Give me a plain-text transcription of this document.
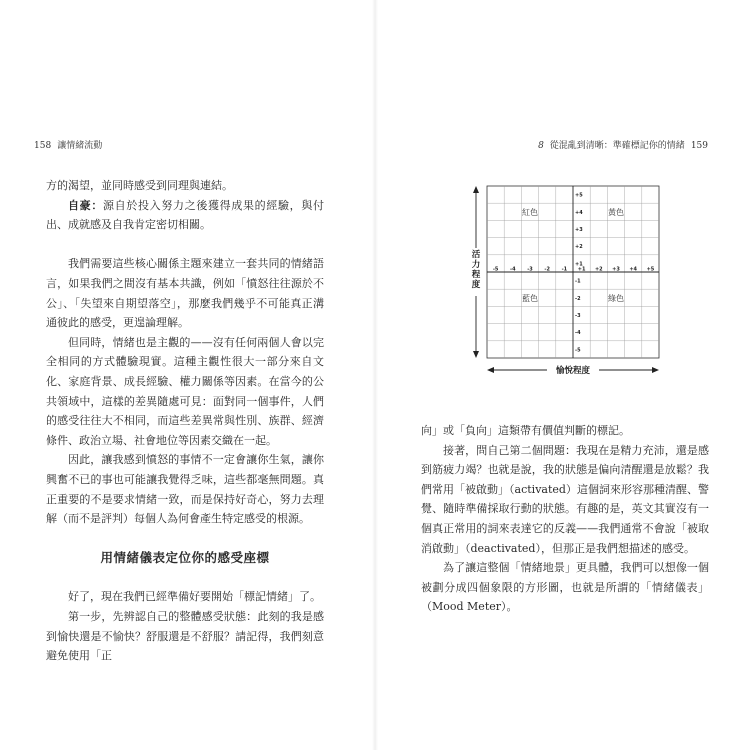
158 讓情緒流動

方的渴望，並同時感受到同理與連結。

自豪：源自於投入努力之後獲得成果的經驗，與付出、成就感及自我肯定密切相關。

我們需要這些核心關係主題來建立一套共同的情緒語言，如果我們之間沒有基本共識，例如「憤怒往往源於不公」、「失望來自期望落空」，那麼我們幾乎不可能真正溝通彼此的感受，更遑論理解。

但同時，情緒也是主觀的——沒有任何兩個人會以完全相同的方式體驗現實。這種主觀性很大一部分來自文化、家庭背景、成長經驗、權力關係等因素。在當今的公共領域中，這樣的差異隨處可見：面對同一個事件，人們的感受往往大不相同，而這些差異常與性別、族群、經濟條件、政治立場、社會地位等因素交織在一起。

因此，讓我感到憤怒的事情不一定會讓你生氣，讓你興奮不已的事也可能讓我覺得乏味，這些都毫無問題。真正重要的不是要求情緒一致，而是保持好奇心，努力去理解（而不是評判）每個人為何會產生特定感受的根源。

用情緒儀表定位你的感受座標

好了，現在我們已經準備好要開始「標記情緒」了。

第一步，先辨認自己的整體感受狀態：此刻的我是感到愉快還是不愉快？舒服還是不舒服？請記得，我們刻意避免使用「正

8 從混亂到清晰：準確標記你的情緒 159
-5 -4 -3 -2 -1 +1 +2 +3 +4 +5
+5
+4
+3
+2
+1
-1
-2
-3
-4
-5
紅色	黃色
藍色	綠色
活
力
程
度
愉悅程度

向」或「負向」這類帶有價值判斷的標記。

接著，問自己第二個問題：我現在是精力充沛，還是感到筋疲力竭？也就是說，我的狀態是偏向清醒還是放鬆？我們常用「被啟動」（activated）這個詞來形容那種清醒、警覺、隨時準備採取行動的狀態。有趣的是，英文其實沒有一個真正常用的詞來表達它的反義——我們通常不會說「被取消啟動」（deactivated），但那正是我們想描述的感受。

為了讓這整個「情緒地景」更具體，我們可以想像一個被劃分成四個象限的方形圖，也就是所謂的「情緒儀表」（Mood Meter）。
